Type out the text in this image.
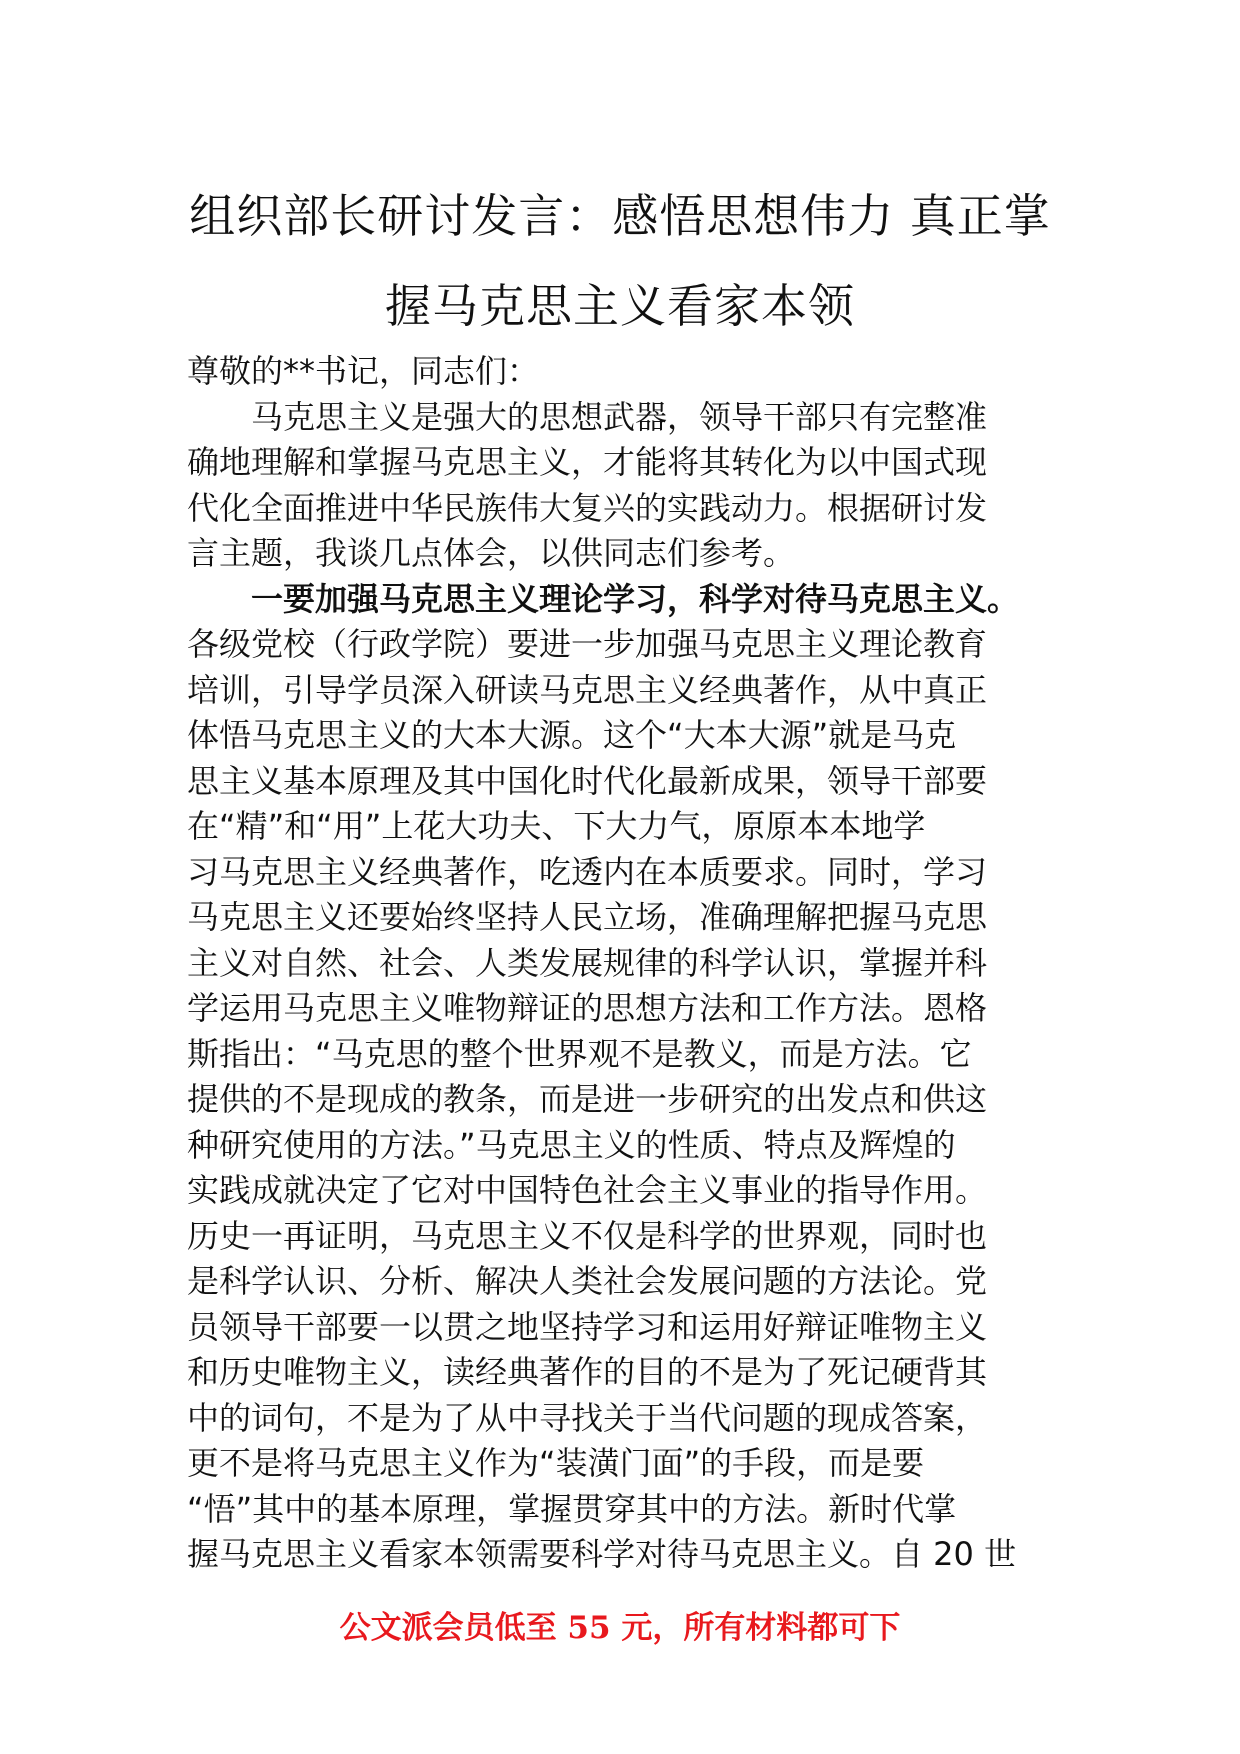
组织部长研讨发言：感悟思想伟力 真正掌
握马克思主义看家本领
尊敬的**书记，同志们：
马克思主义是强大的思想武器，领导干部只有完整准
确地理解和掌握马克思主义，才能将其转化为以中国式现
代化全面推进中华民族伟大复兴的实践动力。根据研讨发
言主题，我谈几点体会，以供同志们参考。
一要加强马克思主义理论学习，科学对待马克思主义。
各级党校（行政学院）要进一步加强马克思主义理论教育
培训，引导学员深入研读马克思主义经典著作，从中真正
体悟马克思主义的大本大源。这个“大本大源”就是马克
思主义基本原理及其中国化时代化最新成果，领导干部要
在“精”和“用”上花大功夫、下大力气，原原本本地学
习马克思主义经典著作，吃透内在本质要求。同时，学习
马克思主义还要始终坚持人民立场，准确理解把握马克思
主义对自然、社会、人类发展规律的科学认识，掌握并科
学运用马克思主义唯物辩证的思想方法和工作方法。恩格
斯指出：“马克思的整个世界观不是教义，而是方法。它
提供的不是现成的教条，而是进一步研究的出发点和供这
种研究使用的方法。”马克思主义的性质、特点及辉煌的
实践成就决定了它对中国特色社会主义事业的指导作用。
历史一再证明，马克思主义不仅是科学的世界观，同时也
是科学认识、分析、解决人类社会发展问题的方法论。党
员领导干部要一以贯之地坚持学习和运用好辩证唯物主义
和历史唯物主义，读经典著作的目的不是为了死记硬背其
中的词句，不是为了从中寻找关于当代问题的现成答案，
更不是将马克思主义作为“装潢门面”的手段，而是要
“悟”其中的基本原理，掌握贯穿其中的方法。新时代掌
握马克思主义看家本领需要科学对待马克思主义。自 20 世
公文派会员低至 55 元，所有材料都可下
